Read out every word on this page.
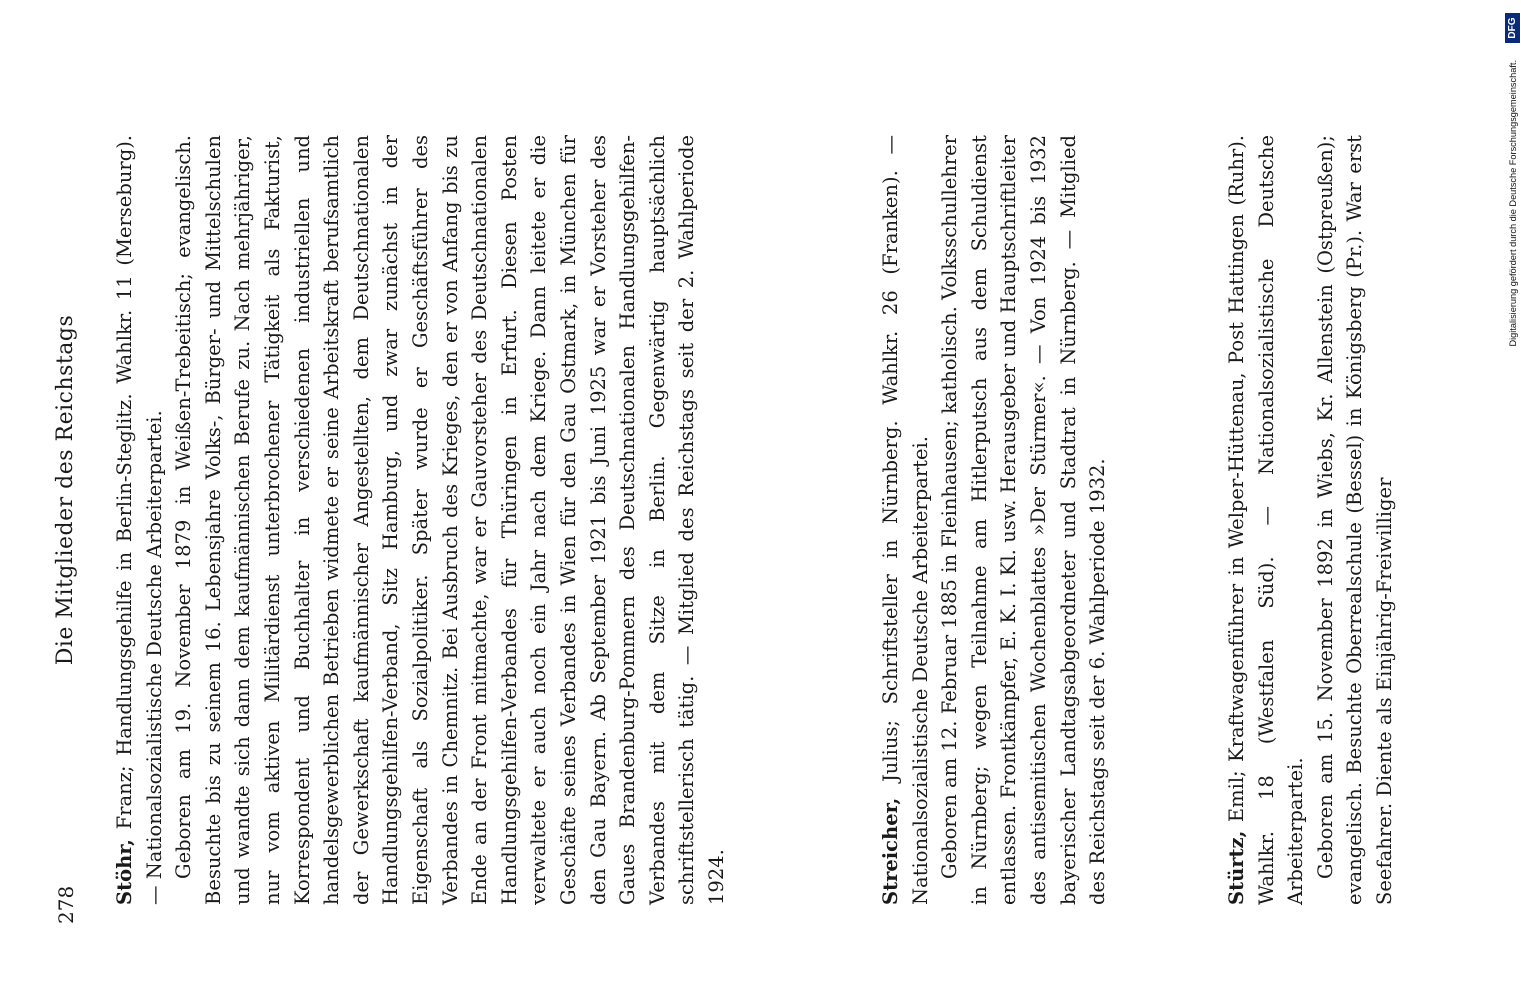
278
Die Mitglieder des Reichstags

Stöhr, Franz; Handlungsgehilfe in Berlin-Steglitz. Wahlkr. 11 (Merseburg). — Nationalsozialistische Deutsche Arbeiterpartei. Geboren am 19. November 1879 in Weißen-Trebeitisch; evangelisch. Besuchte bis zu seinem 16. Lebensjahre Volks-, Bürger- und Mittelschulen und wandte sich dann dem kaufmännischen Berufe zu. Nach mehrjähriger, nur vom aktiven Militärdienst unterbrochener Tätigkeit als Fakturist, Korrespondent und Buchhalter in verschiedenen industriellen und handelsgewerblichen Betrieben widmete er seine Arbeitskraft berufsamtlich der Gewerkschaft kaufmännischer Angestellten, dem Deutschnationalen Handlungsgehilfen-Verband, Sitz Hamburg, und zwar zunächst in der Eigenschaft als Sozialpolitiker. Später wurde er Geschäftsführer des Verbandes in Chemnitz. Bei Ausbruch des Krieges, den er von Anfang bis zu Ende an der Front mitmachte, war er Gauvorsteher des Deutschnationalen Handlungsgehilfen-Verbandes für Thüringen in Erfurt. Diesen Posten verwaltete er auch noch ein Jahr nach dem Kriege. Dann leitete er die Geschäfte seines Verbandes in Wien für den Gau Ostmark, in München für den Gau Bayern. Ab September 1921 bis Juni 1925 war er Vorsteher des Gaues Brandenburg-Pommern des Deutschnationalen Handlungsgehilfen-Verbandes mit dem Sitze in Berlin. Gegenwärtig hauptsächlich schriftstellerisch tätig. — Mitglied des Reichstags seit der 2. Wahlperiode 1924.	Streicher, Julius; Schriftsteller in Nürnberg. Wahlkr. 26 (Franken). — Nationalsozialistische Deutsche Arbeiterpartei. Geboren am 12. Februar 1885 in Fleinhausen; katholisch. Volksschullehrer in Nürnberg; wegen Teilnahme am Hitlerputsch aus dem Schuldienst entlassen. Frontkämpfer, E. K. I. Kl. usw. Herausgeber und Hauptschriftleiter des antisemitischen Wochenblattes »Der Stürmer«. — Von 1924 bis 1932 bayerischer Landtagsabgeordneter und Stadtrat in Nürnberg. — Mitglied des Reichstags seit der 6. Wahlperiode 1932.	Stürtz, Emil; Kraftwagenführer in Welper-Hüttenau, Post Hattingen (Ruhr). Wahlkr. 18 (Westfalen Süd). — Nationalsozialistische Deutsche Arbeiterpartei. Geboren am 15. November 1892 in Wiebs, Kr. Allenstein (Ostpreußen); evangelisch. Besuchte Oberrealschule (Bessel) in Königsberg (Pr.). War erst Seefahrer. Diente als Einjährig-Freiwilliger

Digitalisierung gefördert durch die Deutsche Forschungsgemeinschaft.
DFG
